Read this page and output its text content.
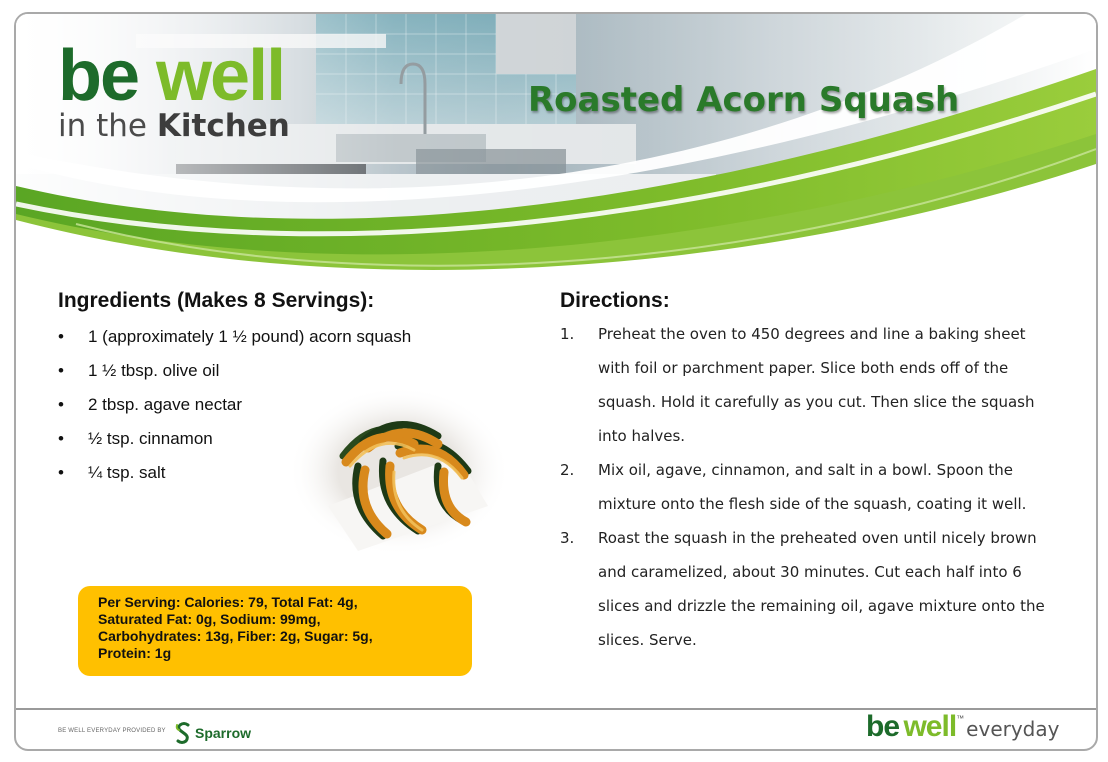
be well
in the Kitchen
Roasted Acorn Squash
Ingredients (Makes 8 Servings):
• 1 (approximately 1 ½ pound) acorn squash
• 1 ½ tbsp. olive oil
• 2 tbsp. agave nectar
• ½ tsp. cinnamon
• ¼ tsp. salt
Directions:
1. Preheat the oven to 450 degrees and line a baking sheet
with foil or parchment paper. Slice both ends off of the
squash. Hold it carefully as you cut. Then slice the squash
into halves.
2. Mix oil, agave, cinnamon, and salt in a bowl. Spoon the
mixture onto the flesh side of the squash, coating it well.
3. Roast the squash in the preheated oven until nicely brown
and caramelized, about 30 minutes. Cut each half into 6
slices and drizzle the remaining oil, agave mixture onto the
slices. Serve.
Per Serving: Calories: 79, Total Fat: 4g,
Saturated Fat: 0g, Sodium: 99mg,
Carbohydrates: 13g, Fiber: 2g, Sugar: 5g,
Protein: 1g
BE WELL EVERYDAY PROVIDED BY Sparrow	be well™ everyday
